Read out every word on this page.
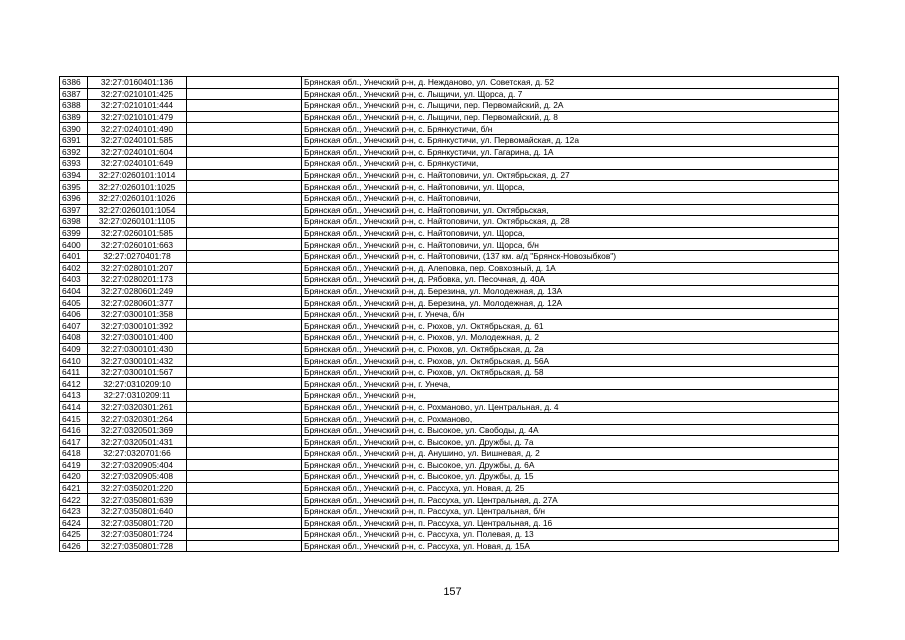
6386	32:27:0160401:136		Брянская обл., Унечский р-н, д. Нежданово, ул. Советская, д. 52
6387	32:27:0210101:425		Брянская обл., Унечский р-н, с. Лыщичи, ул. Щорса, д. 7
6388	32:27:0210101:444		Брянская обл., Унечский р-н, с. Лыщичи, пер. Первомайский, д. 2А
6389	32:27:0210101:479		Брянская обл., Унечский р-н, с. Лыщичи, пер. Первомайский, д. 8
6390	32:27:0240101:490		Брянская обл., Унечский р-н, с. Брянкустичи, б/н
6391	32:27:0240101:585		Брянская обл., Унечский р-н, с. Брянкустичи, ул. Первомайская, д. 12а
6392	32:27:0240101:604		Брянская обл., Унечский р-н, с. Брянкустичи, ул. Гагарина, д. 1А
6393	32:27:0240101:649		Брянская обл., Унечский р-н, с. Брянкустичи,
6394	32:27:0260101:1014		Брянская обл., Унечский р-н, с. Найтоповичи, ул. Октябрьская, д. 27
6395	32:27:0260101:1025		Брянская обл., Унечский р-н, с. Найтоповичи, ул. Щорса,
6396	32:27:0260101:1026		Брянская обл., Унечский р-н, с. Найтоповичи,
6397	32:27:0260101:1054		Брянская обл., Унечский р-н, с. Найтоповичи, ул. Октябрьская,
6398	32:27:0260101:1105		Брянская обл., Унечский р-н, с. Найтоповичи, ул. Октябрьская, д. 28
6399	32:27:0260101:585		Брянская обл., Унечский р-н, с. Найтоповичи, ул. Щорса,
6400	32:27:0260101:663		Брянская обл., Унечский р-н, с. Найтоповичи, ул. Щорса, б/н
6401	32:27:0270401:78		Брянская обл., Унечский р-н, с. Найтоповичи, (137 км. а/д "Брянск-Новозыбков")
6402	32:27:0280101:207		Брянская обл., Унечский р-н, д. Алеповка, пер. Совхозный, д. 1А
6403	32:27:0280201:173		Брянская обл., Унечский р-н, д. Рябовка, ул. Песочная, д. 40А
6404	32:27:0280601:249		Брянская обл., Унечский р-н, д. Березина, ул. Молодежная, д. 13А
6405	32:27:0280601:377		Брянская обл., Унечский р-н, д. Березина, ул. Молодежная, д. 12А
6406	32:27:0300101:358		Брянская обл., Унечский р-н, г. Унеча, б/н
6407	32:27:0300101:392		Брянская обл., Унечский р-н, с. Рюхов, ул. Октябрьская, д. 61
6408	32:27:0300101:400		Брянская обл., Унечский р-н, с. Рюхов, ул. Молодежная, д. 2
6409	32:27:0300101:430		Брянская обл., Унечский р-н, с. Рюхов, ул. Октябрьская, д. 2а
6410	32:27:0300101:432		Брянская обл., Унечский р-н, с. Рюхов, ул. Октябрьская, д. 56А
6411	32:27:0300101:567		Брянская обл., Унечский р-н, с. Рюхов, ул. Октябрьская, д. 58
6412	32:27:0310209:10		Брянская обл., Унечский р-н, г. Унеча,
6413	32:27:0310209:11		Брянская обл., Унечский р-н,
6414	32:27:0320301:261		Брянская обл., Унечский р-н, с. Рохманово, ул. Центральная, д. 4
6415	32:27:0320301:264		Брянская обл., Унечский р-н, с. Рохманово,
6416	32:27:0320501:369		Брянская обл., Унечский р-н, с. Высокое, ул. Свободы, д. 4А
6417	32:27:0320501:431		Брянская обл., Унечский р-н, с. Высокое, ул. Дружбы, д. 7а
6418	32:27:0320701:66		Брянская обл., Унечский р-н, д. Анушино, ул. Вишневая, д. 2
6419	32:27:0320905:404		Брянская обл., Унечский р-н, с. Высокое, ул. Дружбы, д. 6А
6420	32:27:0320905:408		Брянская обл., Унечский р-н, с. Высокое, ул. Дружбы, д. 15
6421	32:27:0350201:220		Брянская обл., Унечский р-н, с. Рассуха, ул. Новая, д. 25
6422	32:27:0350801:639		Брянская обл., Унечский р-н, п. Рассуха, ул. Центральная, д. 27А
6423	32:27:0350801:640		Брянская обл., Унечский р-н, п. Рассуха, ул. Центральная, б/н
6424	32:27:0350801:720		Брянская обл., Унечский р-н, п. Рассуха, ул. Центральная, д. 16
6425	32:27:0350801:724		Брянская обл., Унечский р-н, с. Рассуха, ул. Полевая, д. 13
6426	32:27:0350801:728		Брянская обл., Унечский р-н, с. Рассуха, ул. Новая, д. 15А
157
